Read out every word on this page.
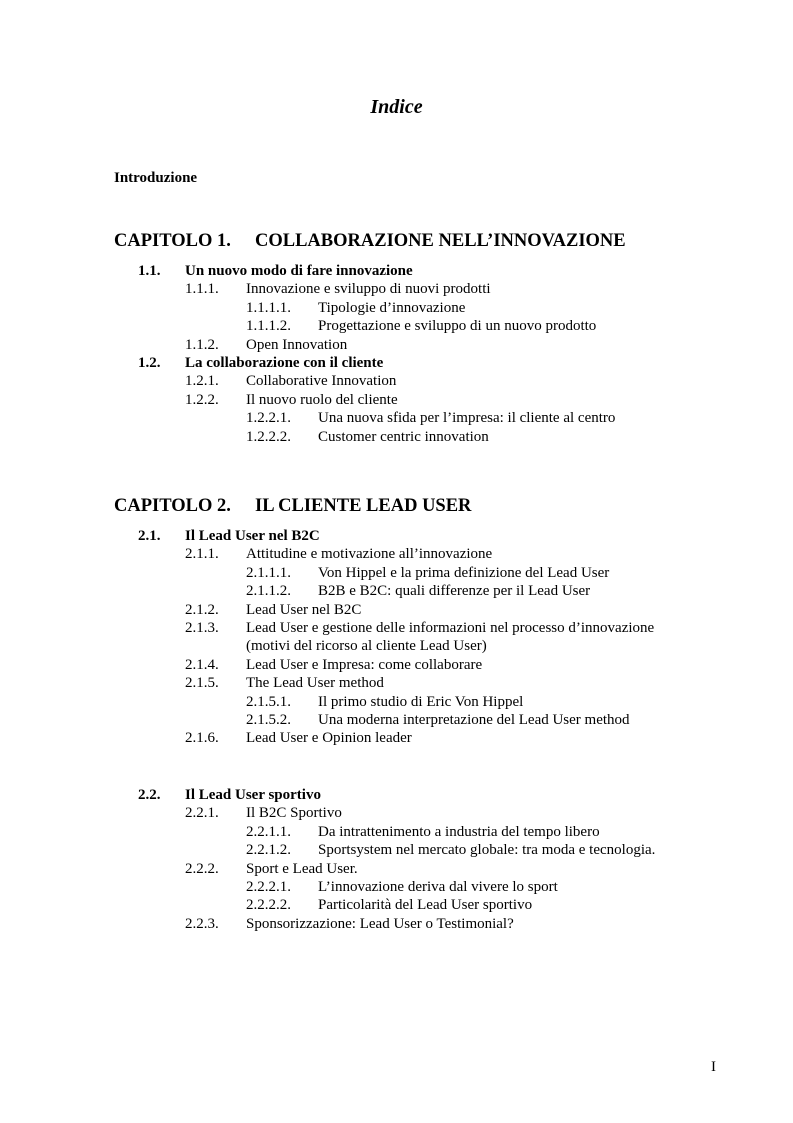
Indice
Introduzione
CAPITOLO 1. COLLABORAZIONE NELL’INNOVAZIONE
1.1. Un nuovo modo di fare innovazione
1.1.1. Innovazione e sviluppo di nuovi prodotti
1.1.1.1. Tipologie d’innovazione
1.1.1.2. Progettazione e sviluppo di un nuovo prodotto
1.1.2. Open Innovation
1.2. La collaborazione con il cliente
1.2.1. Collaborative Innovation
1.2.2. Il nuovo ruolo del cliente
1.2.2.1. Una nuova sfida per l’impresa: il cliente al centro
1.2.2.2. Customer centric innovation
CAPITOLO 2. IL CLIENTE LEAD USER
2.1. Il Lead User nel B2C
2.1.1. Attitudine e motivazione all’innovazione
2.1.1.1. Von Hippel e la prima definizione del Lead User
2.1.1.2. B2B e B2C: quali differenze per il Lead User
2.1.2. Lead User nel B2C
2.1.3. Lead User e gestione delle informazioni nel processo d’innovazione
(motivi del ricorso al cliente Lead User)
2.1.4. Lead User e Impresa: come collaborare
2.1.5. The Lead User method
2.1.5.1. Il primo studio di Eric Von Hippel
2.1.5.2. Una moderna interpretazione del Lead User method
2.1.6. Lead User e Opinion leader
2.2. Il Lead User sportivo
2.2.1. Il B2C Sportivo
2.2.1.1. Da intrattenimento a industria del tempo libero
2.2.1.2. Sportsystem nel mercato globale: tra moda e tecnologia.
2.2.2. Sport e Lead User.
2.2.2.1. L’innovazione deriva dal vivere lo sport
2.2.2.2. Particolarità del Lead User sportivo
2.2.3. Sponsorizzazione: Lead User o Testimonial?
I
